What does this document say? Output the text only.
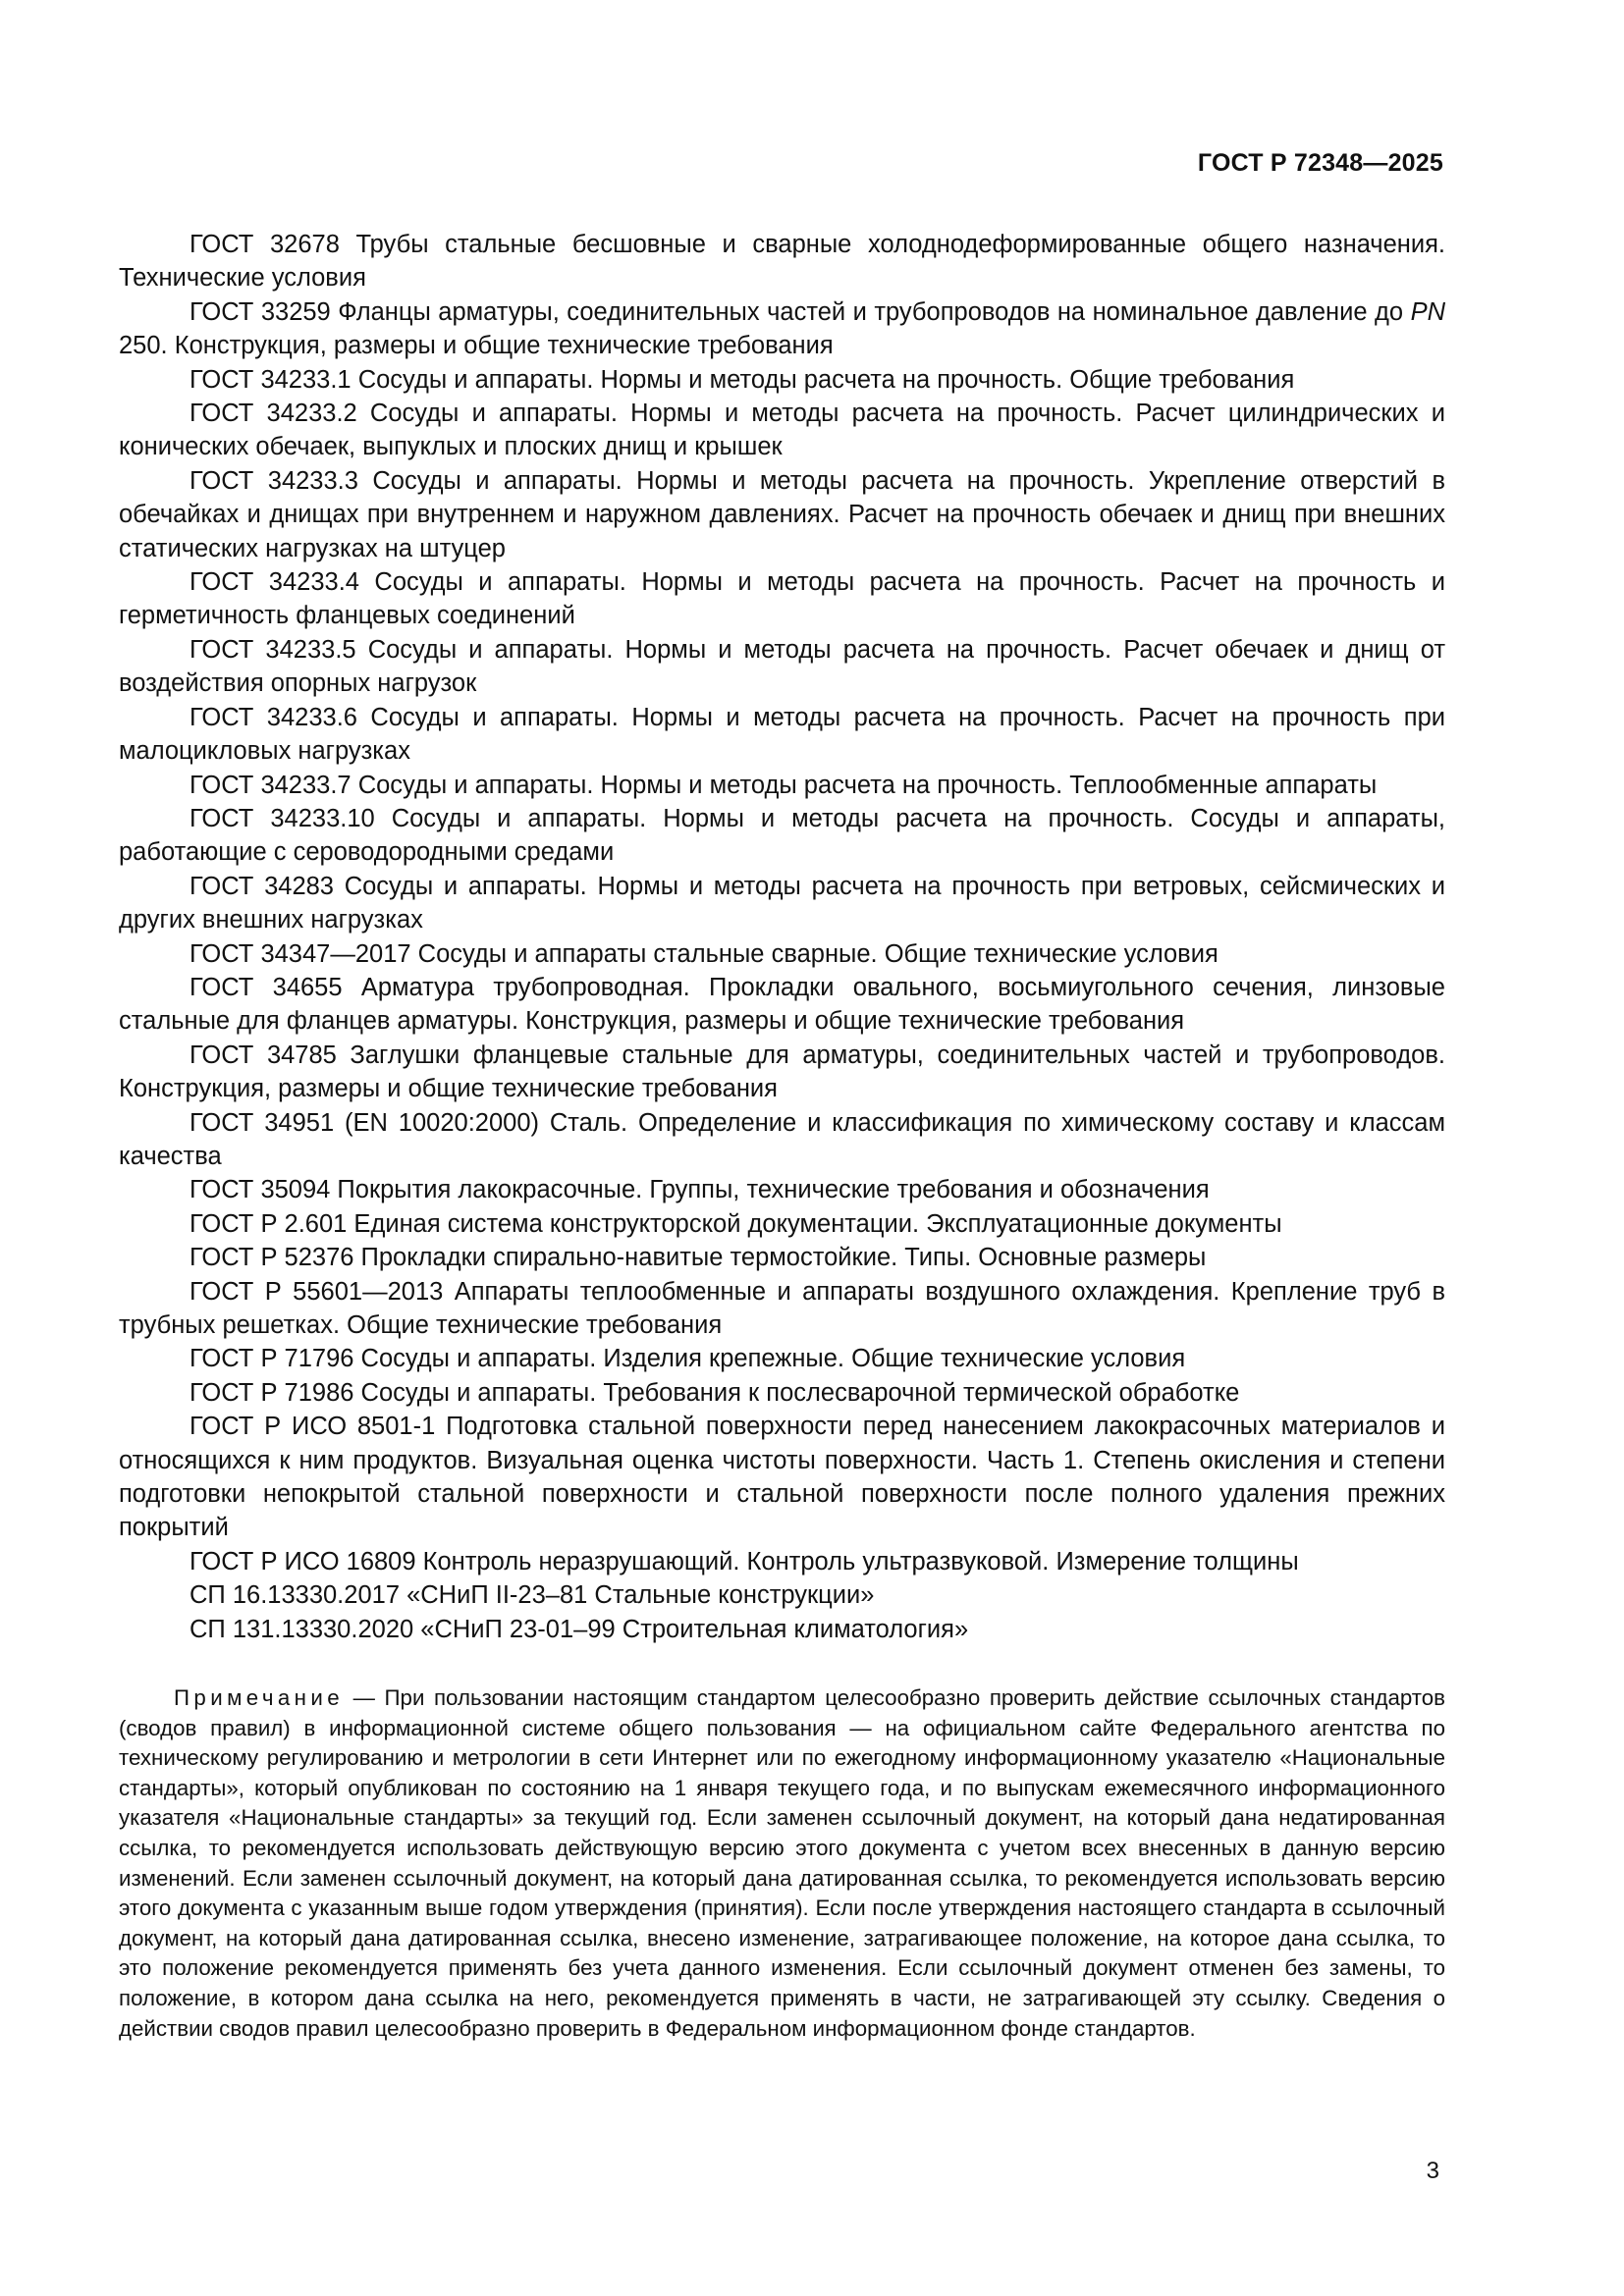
ГОСТ Р 72348—2025

ГОСТ 32678 Трубы стальные бесшовные и сварные холоднодеформированные общего назначения. Технические условия

ГОСТ 33259 Фланцы арматуры, соединительных частей и трубопроводов на номинальное давление до PN 250. Конструкция, размеры и общие технические требования

ГОСТ 34233.1 Сосуды и аппараты. Нормы и методы расчета на прочность. Общие требования

ГОСТ 34233.2 Сосуды и аппараты. Нормы и методы расчета на прочность. Расчет цилиндрических и конических обечаек, выпуклых и плоских днищ и крышек

ГОСТ 34233.3 Сосуды и аппараты. Нормы и методы расчета на прочность. Укрепление отверстий в обечайках и днищах при внутреннем и наружном давлениях. Расчет на прочность обечаек и днищ при внешних статических нагрузках на штуцер

ГОСТ 34233.4 Сосуды и аппараты. Нормы и методы расчета на прочность. Расчет на прочность и герметичность фланцевых соединений

ГОСТ 34233.5 Сосуды и аппараты. Нормы и методы расчета на прочность. Расчет обечаек и днищ от воздействия опорных нагрузок

ГОСТ 34233.6 Сосуды и аппараты. Нормы и методы расчета на прочность. Расчет на прочность при малоцикловых нагрузках

ГОСТ 34233.7 Сосуды и аппараты. Нормы и методы расчета на прочность. Теплообменные аппараты

ГОСТ 34233.10 Сосуды и аппараты. Нормы и методы расчета на прочность. Сосуды и аппараты, работающие с сероводородными средами

ГОСТ 34283 Сосуды и аппараты. Нормы и методы расчета на прочность при ветровых, сейсмических и других внешних нагрузках

ГОСТ 34347—2017 Сосуды и аппараты стальные сварные. Общие технические условия

ГОСТ 34655 Арматура трубопроводная. Прокладки овального, восьмиугольного сечения, линзовые стальные для фланцев арматуры. Конструкция, размеры и общие технические требования

ГОСТ 34785 Заглушки фланцевые стальные для арматуры, соединительных частей и трубопроводов. Конструкция, размеры и общие технические требования

ГОСТ 34951 (EN 10020:2000) Сталь. Определение и классификация по химическому составу и классам качества

ГОСТ 35094 Покрытия лакокрасочные. Группы, технические требования и обозначения

ГОСТ Р 2.601 Единая система конструкторской документации. Эксплуатационные документы

ГОСТ Р 52376 Прокладки спирально-навитые термостойкие. Типы. Основные размеры

ГОСТ Р 55601—2013 Аппараты теплообменные и аппараты воздушного охлаждения. Крепление труб в трубных решетках. Общие технические требования

ГОСТ Р 71796 Сосуды и аппараты. Изделия крепежные. Общие технические условия

ГОСТ Р 71986 Сосуды и аппараты. Требования к послесварочной термической обработке

ГОСТ Р ИСО 8501-1 Подготовка стальной поверхности перед нанесением лакокрасочных материалов и относящихся к ним продуктов. Визуальная оценка чистоты поверхности. Часть 1. Степень окисления и степени подготовки непокрытой стальной поверхности и стальной поверхности после полного удаления прежних покрытий

ГОСТ Р ИСО 16809 Контроль неразрушающий. Контроль ультразвуковой. Измерение толщины

СП 16.13330.2017 «СНиП II-23–81 Стальные конструкции»

СП 131.13330.2020 «СНиП 23-01–99 Строительная климатология»

Примечание — При пользовании настоящим стандартом целесообразно проверить действие ссылочных стандартов (сводов правил) в информационной системе общего пользования — на официальном сайте Федерального агентства по техническому регулированию и метрологии в сети Интернет или по ежегодному информационному указателю «Национальные стандарты», который опубликован по состоянию на 1 января текущего года, и по выпускам ежемесячного информационного указателя «Национальные стандарты» за текущий год. Если заменен ссылочный документ, на который дана недатированная ссылка, то рекомендуется использовать действующую версию этого документа с учетом всех внесенных в данную версию изменений. Если заменен ссылочный документ, на который дана датированная ссылка, то рекомендуется использовать версию этого документа с указанным выше годом утверждения (принятия). Если после утверждения настоящего стандарта в ссылочный документ, на который дана датированная ссылка, внесено изменение, затрагивающее положение, на которое дана ссылка, то это положение рекомендуется применять без учета данного изменения. Если ссылочный документ отменен без замены, то положение, в котором дана ссылка на него, рекомендуется применять в части, не затрагивающей эту ссылку. Сведения о действии сводов правил целесообразно проверить в Федеральном информационном фонде стандартов.

3
